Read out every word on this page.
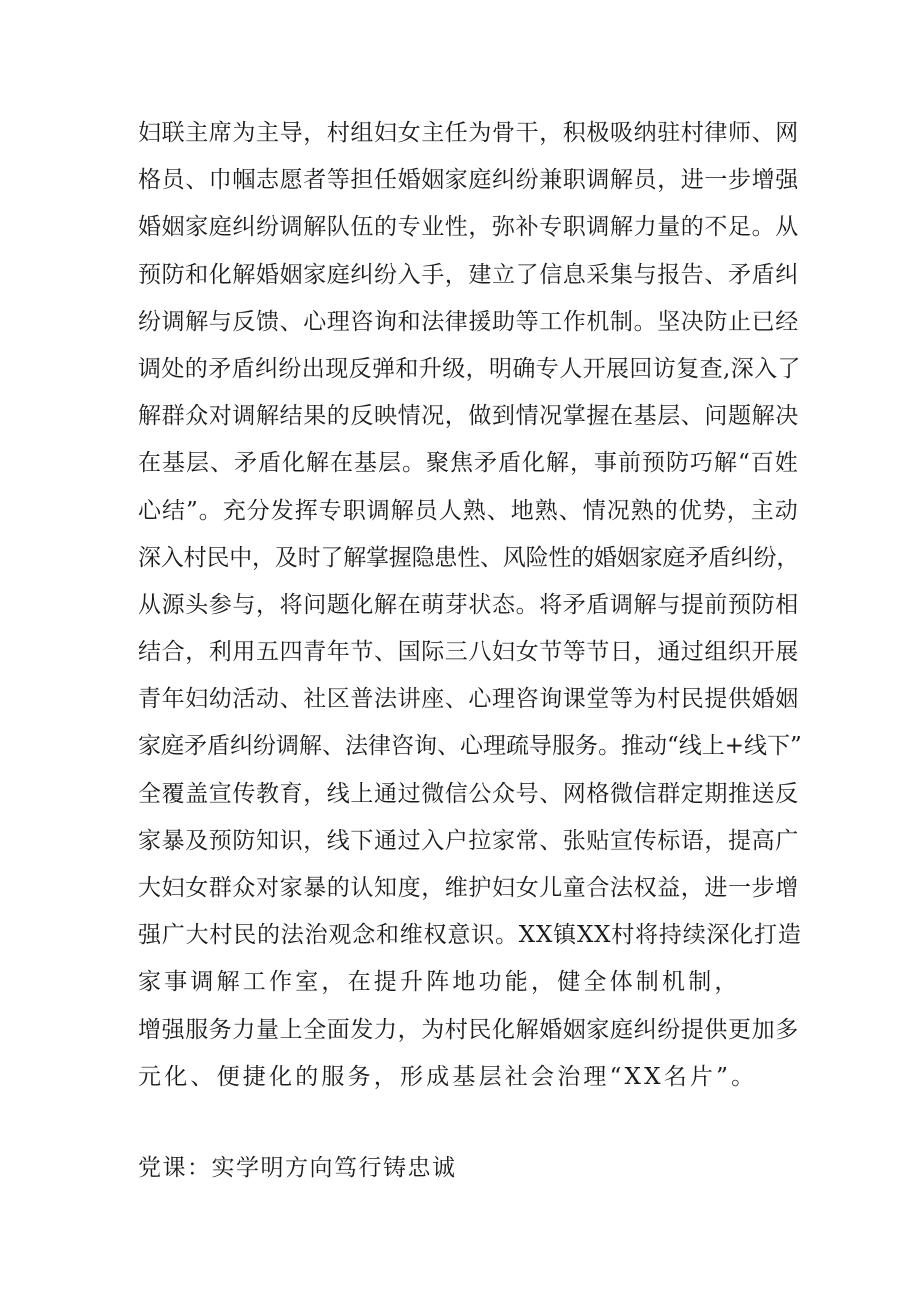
妇联主席为主导，村组妇女主任为骨干，积极吸纳驻村律师、网
格员、巾帼志愿者等担任婚姻家庭纠纷兼职调解员，进一步增强
婚姻家庭纠纷调解队伍的专业性，弥补专职调解力量的不足。从
预防和化解婚姻家庭纠纷入手，建立了信息采集与报告、矛盾纠
纷调解与反馈、心理咨询和法律援助等工作机制。坚决防止已经
调处的矛盾纠纷出现反弹和升级，明确专人开展回访复查,深入了
解群众对调解结果的反映情况，做到情况掌握在基层、问题解决
在基层、矛盾化解在基层。聚焦矛盾化解，事前预防巧解“百姓
心结”。充分发挥专职调解员人熟、地熟、情况熟的优势，主动
深入村民中，及时了解掌握隐患性、风险性的婚姻家庭矛盾纠纷，
从源头参与，将问题化解在萌芽状态。将矛盾调解与提前预防相
结合，利用五四青年节、国际三八妇女节等节日，通过组织开展
青年妇幼活动、社区普法讲座、心理咨询课堂等为村民提供婚姻
家庭矛盾纠纷调解、法律咨询、心理疏导服务。推动“线上+线下”
全覆盖宣传教育，线上通过微信公众号、网格微信群定期推送反
家暴及预防知识，线下通过入户拉家常、张贴宣传标语，提高广
大妇女群众对家暴的认知度，维护妇女儿童合法权益，进一步增
强广大村民的法治观念和维权意识。XX镇XX村将持续深化打造
家事调解工作室，在提升阵地功能，健全体制机制，
增强服务力量上全面发力，为村民化解婚姻家庭纠纷提供更加多
元化、便捷化的服务，形成基层社会治理“XX名片”。
党课：实学明方向笃行铸忠诚
